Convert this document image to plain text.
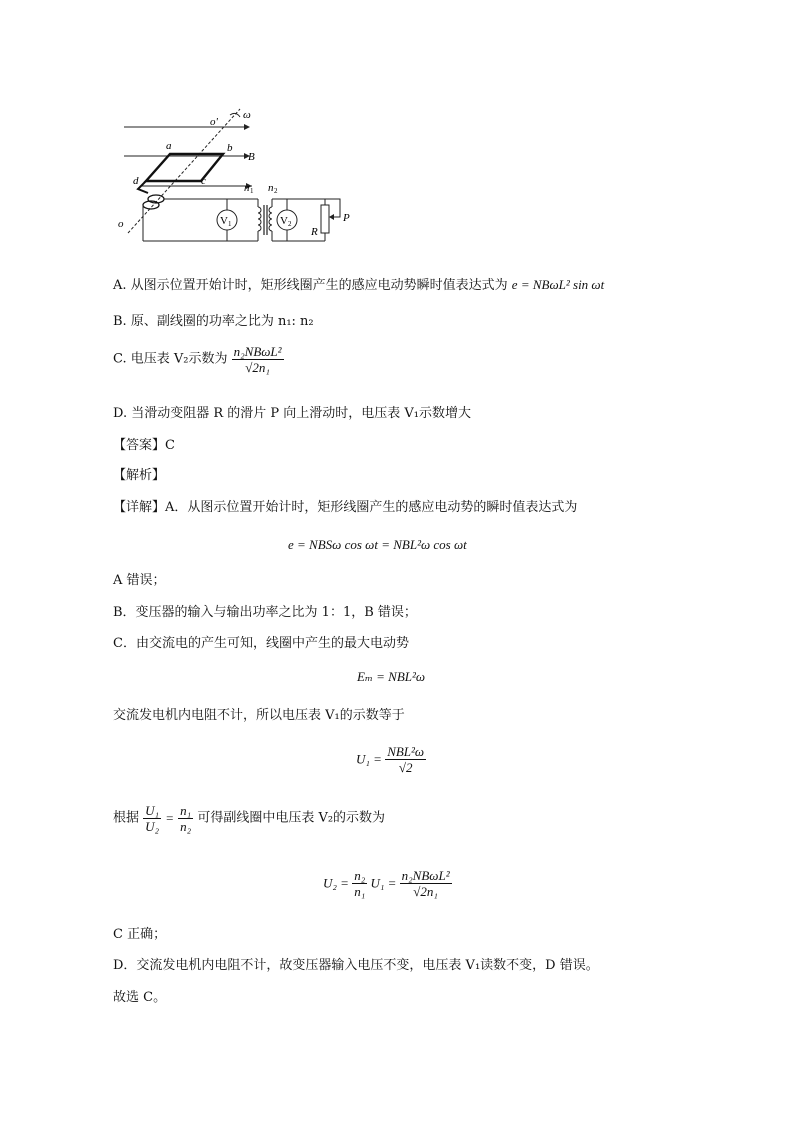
V 1	V 2
o'
ω
a	b
B
c
d
n 1 n 2
o
R
P
A. 从图示位置开始计时，矩形线圈产生的感应电动势瞬时值表达式为 e = NBωL² sin ωt
B. 原、副线圈的功率之比为 n₁: n₂
C. 电压表 V₂示数为 $\frac{\text{n₂NBωL²}}{\text{√2n₁}}$
D. 当滑动变阻器 R 的滑片 P 向上滑动时，电压表 V₁示数增大
【答案】C
【解析】
【详解】A．从图示位置开始计时，矩形线圈产生的感应电动势的瞬时值表达式为
e = NBSω cos ωt = NBL²ω cos ωt
A 错误；
B．变压器的输入与输出功率之比为 1：1，B 错误；
C．由交流电的产生可知，线圈中产生的最大电动势
Eₘ = NBL²ω
交流发电机内电阻不计，所以电压表 V₁的示数等于
$U_1 = \frac{\text{NBL²ω}}{√2}$
根据 $\frac{\text{U₁}}{\text{U₂}} = \frac{\text{n₁}}{\text{n₂}}$ 可得副线圈中电压表 V₂的示数为
$U_2 = \frac{\text{n₂}}{\text{n₁}} U_1 = \frac{\text{n₂NBωL²}}{\text{√2n₁}}$
C 正确；
D．交流发电机内电阻不计，故变压器输入电压不变，电压表 V₁读数不变，D 错误。
故选 C。
